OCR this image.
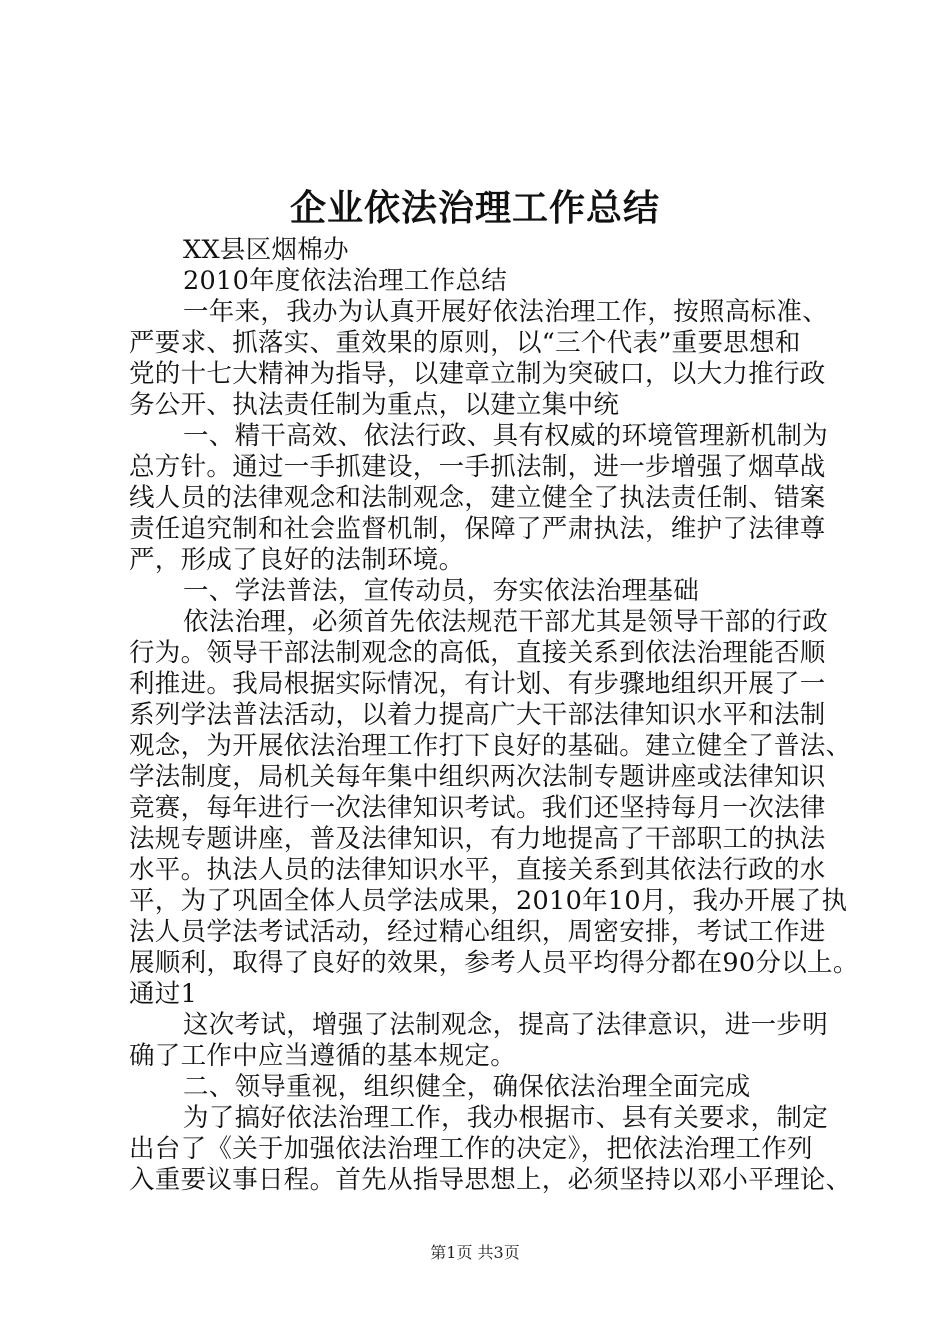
企业依法治理工作总结
XX县区烟棉办
2010年度依法治理工作总结
一年来，我办为认真开展好依法治理工作，按照高标准、
严要求、抓落实、重效果的原则，以“三个代表”重要思想和
党的十七大精神为指导，以建章立制为突破口，以大力推行政
务公开、执法责任制为重点，以建立集中统
一、精干高效、依法行政、具有权威的环境管理新机制为
总方针。通过一手抓建设，一手抓法制，进一步增强了烟草战
线人员的法律观念和法制观念，建立健全了执法责任制、错案
责任追究制和社会监督机制，保障了严肃执法，维护了法律尊
严，形成了良好的法制环境。
一、学法普法，宣传动员，夯实依法治理基础
依法治理，必须首先依法规范干部尤其是领导干部的行政
行为。领导干部法制观念的高低，直接关系到依法治理能否顺
利推进。我局根据实际情况，有计划、有步骤地组织开展了一
系列学法普法活动，以着力提高广大干部法律知识水平和法制
观念，为开展依法治理工作打下良好的基础。建立健全了普法、
学法制度，局机关每年集中组织两次法制专题讲座或法律知识
竞赛，每年进行一次法律知识考试。我们还坚持每月一次法律
法规专题讲座，普及法律知识，有力地提高了干部职工的执法
水平。执法人员的法律知识水平，直接关系到其依法行政的水
平，为了巩固全体人员学法成果，2010年10月，我办开展了执
法人员学法考试活动，经过精心组织，周密安排，考试工作进
展顺利，取得了良好的效果，参考人员平均得分都在90分以上。
通过1
这次考试，增强了法制观念，提高了法律意识，进一步明
确了工作中应当遵循的基本规定。
二、领导重视，组织健全，确保依法治理全面完成
为了搞好依法治理工作，我办根据市、县有关要求，制定
出台了《关于加强依法治理工作的决定》，把依法治理工作列
入重要议事日程。首先从指导思想上，必须坚持以邓小平理论、
第1页 共3页
